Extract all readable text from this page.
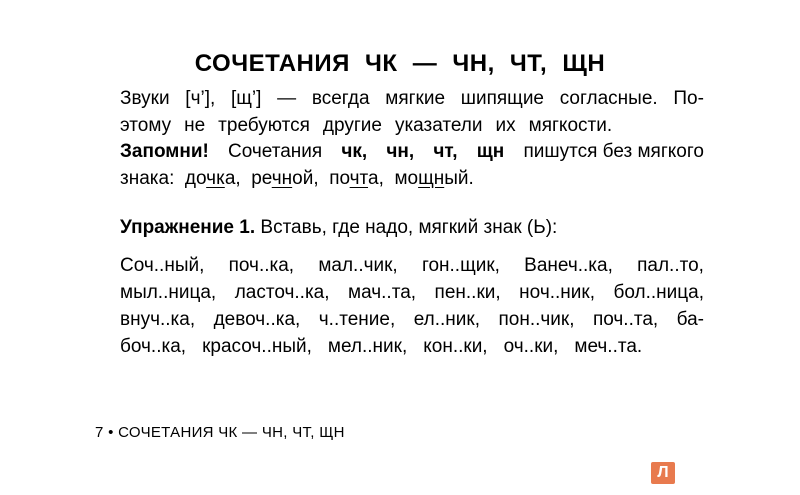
СОЧЕТАНИЯ ЧК — ЧН, ЧТ, ЩН
Звуки [ч’], [щ’] — всегда мягкие шипящие согласные. По-
этому не требуются другие указатели их мягкости.
Запомни! Сочетания чк, чн, чт, щн пишутся без мягкого
знака: дочка, речной, почта, мощный.
Упражнение 1. Вставь, где надо, мягкий знак (Ь):
Соч..ный, поч..ка, мал..чик, гон..щик, Ванеч..ка, пал..то,
мыл..ница, ласточ..ка, мач..та, пен..ки, ноч..ник, бол..ница,
внуч..ка, девоч..ка, ч..тение, ел..ник, пон..чик, поч..та, ба-
боч..ка, красоч..ный, мел..ник, кон..ки, оч..ки, меч..та.
7 • СОЧЕТАНИЯ ЧК — ЧН, ЧТ, ЩН
Л
